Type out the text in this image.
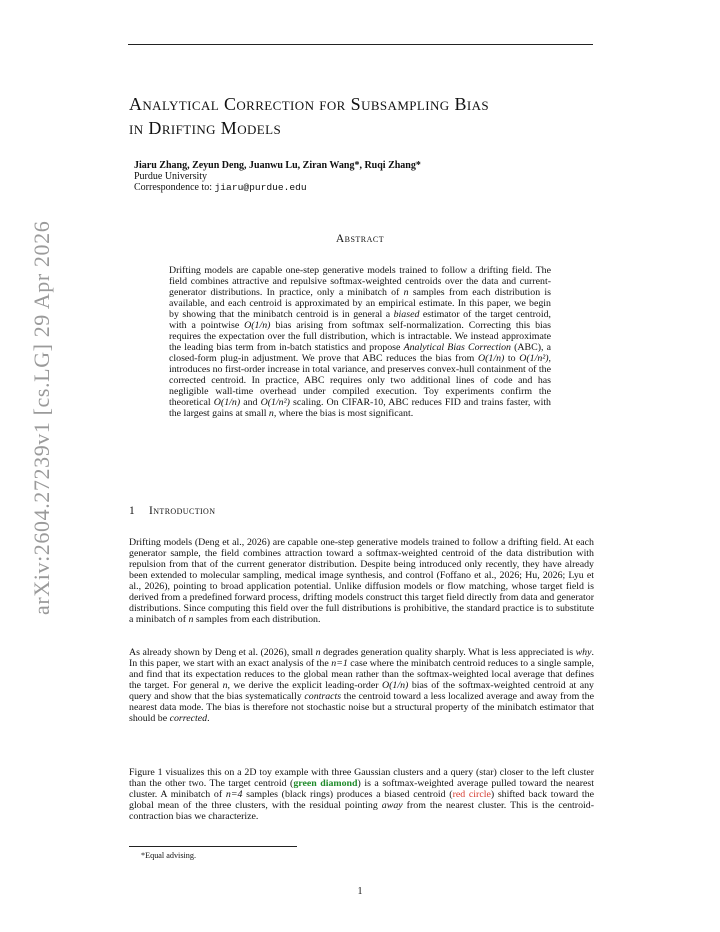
arXiv:2604.27239v1 [cs.LG] 29 Apr 2026
Analytical Correction for Subsampling Bias
in Drifting Models
Jiaru Zhang, Zeyun Deng, Juanwu Lu, Ziran Wang*, Ruqi Zhang*
Purdue University
Correspondence to: jiaru@purdue.edu
Abstract

Drifting models are capable one-step generative models trained to follow a drifting field. The field combines attractive and repulsive softmax-weighted centroids over the data and current-generator distributions. In practice, only a minibatch of n samples from each distribution is available, and each centroid is approximated by an empirical estimate. In this paper, we begin by showing that the minibatch centroid is in general a biased estimator of the target centroid, with a pointwise O(1/n) bias arising from softmax self-normalization. Correcting this bias requires the expectation over the full distribution, which is intractable. We instead approximate the leading bias term from in-batch statistics and propose Analytical Bias Correction (ABC), a closed-form plug-in adjustment. We prove that ABC reduces the bias from O(1/n) to O(1/n²), introduces no first-order increase in total variance, and preserves convex-hull containment of the corrected centroid. In practice, ABC requires only two additional lines of code and has negligible wall-time overhead under compiled execution. Toy experiments confirm the theoretical O(1/n) and O(1/n²) scaling. On CIFAR-10, ABC reduces FID and trains faster, with the largest gains at small n, where the bias is most significant.

1 Introduction

Drifting models (Deng et al., 2026) are capable one-step generative models trained to follow a drifting field. At each generator sample, the field combines attraction toward a softmax-weighted centroid of the data distribution with repulsion from that of the current generator distribution. Despite being introduced only recently, they have already been extended to molecular sampling, medical image synthesis, and control (Foffano et al., 2026; Hu, 2026; Lyu et al., 2026), pointing to broad application potential. Unlike diffusion models or flow matching, whose target field is derived from a predefined forward process, drifting models construct this target field directly from data and generator distributions. Since computing this field over the full distributions is prohibitive, the standard practice is to substitute a minibatch of n samples from each distribution.

As already shown by Deng et al. (2026), small n degrades generation quality sharply. What is less appreciated is why. In this paper, we start with an exact analysis of the n=1 case where the minibatch centroid reduces to a single sample, and find that its expectation reduces to the global mean rather than the softmax-weighted local average that defines the target. For general n, we derive the explicit leading-order O(1/n) bias of the softmax-weighted centroid at any query and show that the bias systematically contracts the centroid toward a less localized average and away from the nearest data mode. The bias is therefore not stochastic noise but a structural property of the minibatch estimator that should be corrected.

Figure 1 visualizes this on a 2D toy example with three Gaussian clusters and a query (star) closer to the left cluster than the other two. The target centroid (green diamond) is a softmax-weighted average pulled toward the nearest cluster. A minibatch of n=4 samples (black rings) produces a biased centroid (red circle) shifted back toward the global mean of the three clusters, with the residual pointing away from the nearest cluster. This is the centroid-contraction bias we characterize.

*Equal advising.
1
